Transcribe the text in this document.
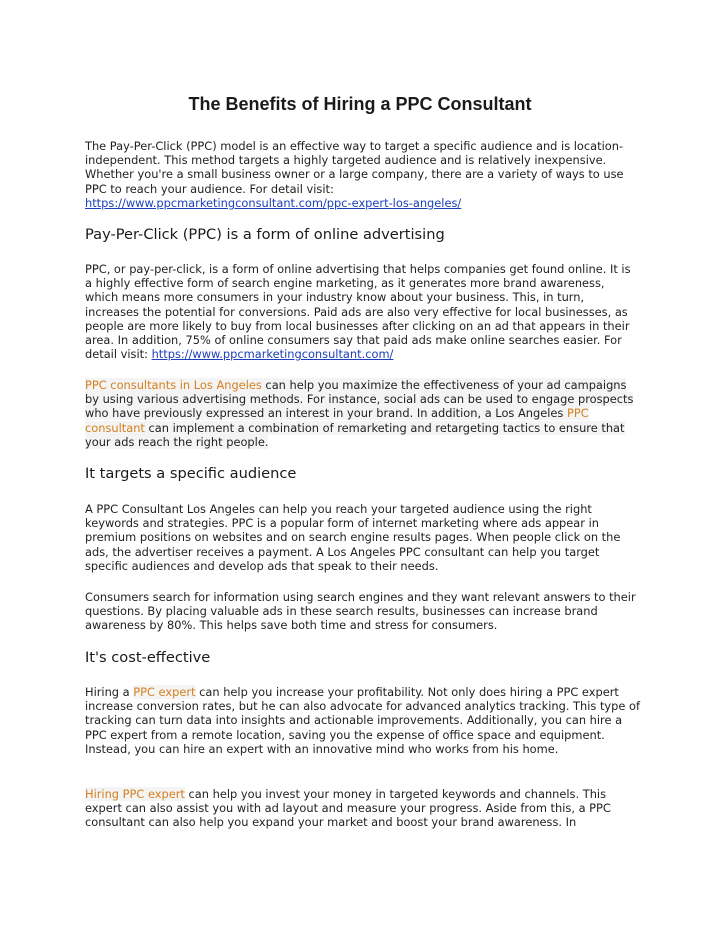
The Benefits of Hiring a PPC Consultant

The Pay-Per-Click (PPC) model is an effective way to target a specific audience and is location-independent. This method targets a highly targeted audience and is relatively inexpensive. Whether you're a small business owner or a large company, there are a variety of ways to use PPC to reach your audience. For detail visit:
https://www.ppcmarketingconsultant.com/ppc-expert-los-angeles/

Pay-Per-Click (PPC) is a form of online advertising

PPC, or pay-per-click, is a form of online advertising that helps companies get found online. It is a highly effective form of search engine marketing, as it generates more brand awareness, which means more consumers in your industry know about your business. This, in turn, increases the potential for conversions. Paid ads are also very effective for local businesses, as people are more likely to buy from local businesses after clicking on an ad that appears in their area. In addition, 75% of online consumers say that paid ads make online searches easier. For detail visit: https://www.ppcmarketingconsultant.com/

PPC consultants in Los Angeles can help you maximize the effectiveness of your ad campaigns by using various advertising methods. For instance, social ads can be used to engage prospects who have previously expressed an interest in your brand. In addition, a Los Angeles PPC consultant can implement a combination of remarketing and retargeting tactics to ensure that your ads reach the right people.

It targets a specific audience

A PPC Consultant Los Angeles can help you reach your targeted audience using the right keywords and strategies. PPC is a popular form of internet marketing where ads appear in premium positions on websites and on search engine results pages. When people click on the ads, the advertiser receives a payment. A Los Angeles PPC consultant can help you target specific audiences and develop ads that speak to their needs.

Consumers search for information using search engines and they want relevant answers to their questions. By placing valuable ads in these search results, businesses can increase brand awareness by 80%. This helps save both time and stress for consumers.

It's cost-effective

Hiring a PPC expert can help you increase your profitability. Not only does hiring a PPC expert increase conversion rates, but he can also advocate for advanced analytics tracking. This type of tracking can turn data into insights and actionable improvements. Additionally, you can hire a PPC expert from a remote location, saving you the expense of office space and equipment. Instead, you can hire an expert with an innovative mind who works from his home.

Hiring PPC expert can help you invest your money in targeted keywords and channels. This expert can also assist you with ad layout and measure your progress. Aside from this, a PPC consultant can also help you expand your market and boost your brand awareness. In
